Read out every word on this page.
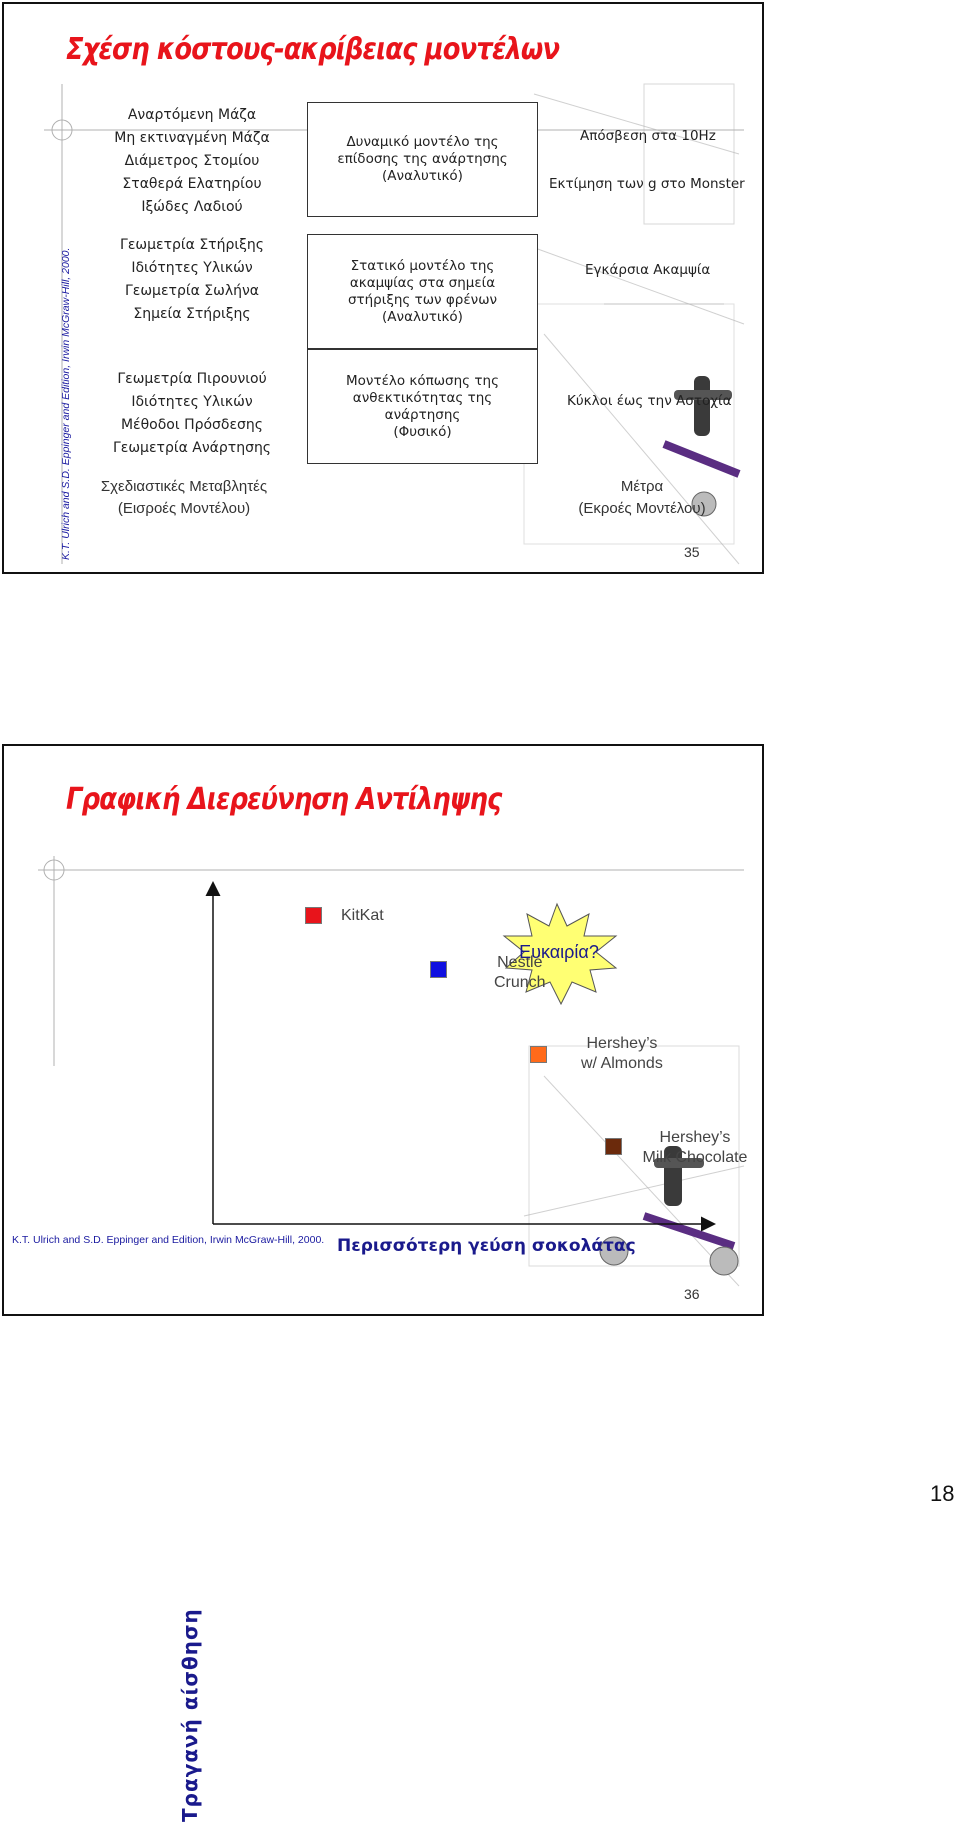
Σχέση κόστους-ακρίβειας μοντέλων
Αναρτόμενη Μάζα
Μη εκτιναγμένη Μάζα
Διάμετρος Στομίου
Σταθερά Ελατηρίου
Ιξώδες Λαδιού
Γεωμετρία Στήριξης
Ιδιότητες Υλικών
Γεωμετρία Σωλήνα
Σημεία Στήριξης
Γεωμετρία Πιρουνιού
Ιδιότητες Υλικών
Μέθοδοι Πρόσδεσης
Γεωμετρία Ανάρτησης
Δυναμικό μοντέλο της
επίδοσης της ανάρτησης
(Αναλυτικό)
Στατικό μοντέλο της
ακαμψίας στα σημεία
στήριξης των φρένων
(Αναλυτικό)
Μοντέλο κόπωσης της
ανθεκτικότητας της
ανάρτησης
(Φυσικό)
Απόσβεση στα 10Hz
Εκτίμηση των g στο Monster
Εγκάρσια Ακαμψία
Κύκλοι έως την Αστοχία
Σχεδιαστικές Μεταβλητές
(Εισροές Μοντέλου)
Μέτρα
(Εκροές Μοντέλου)
K.T. Ulrich and S.D. Eppinger and Edition, Irwin McGraw-Hill, 2000.	35
Γραφική Διερεύνηση Αντίληψης
KitKat
Nestlé
Crunch
Hershey’s
w/ Almonds
Hershey’s
Milk Chocolate
Ευκαιρία?
Τραγανή αίσθηση
Περισσότερη γεύση σοκολάτας
K.T. Ulrich and S.D. Eppinger and Edition, Irwin McGraw-Hill, 2000.
36
18
